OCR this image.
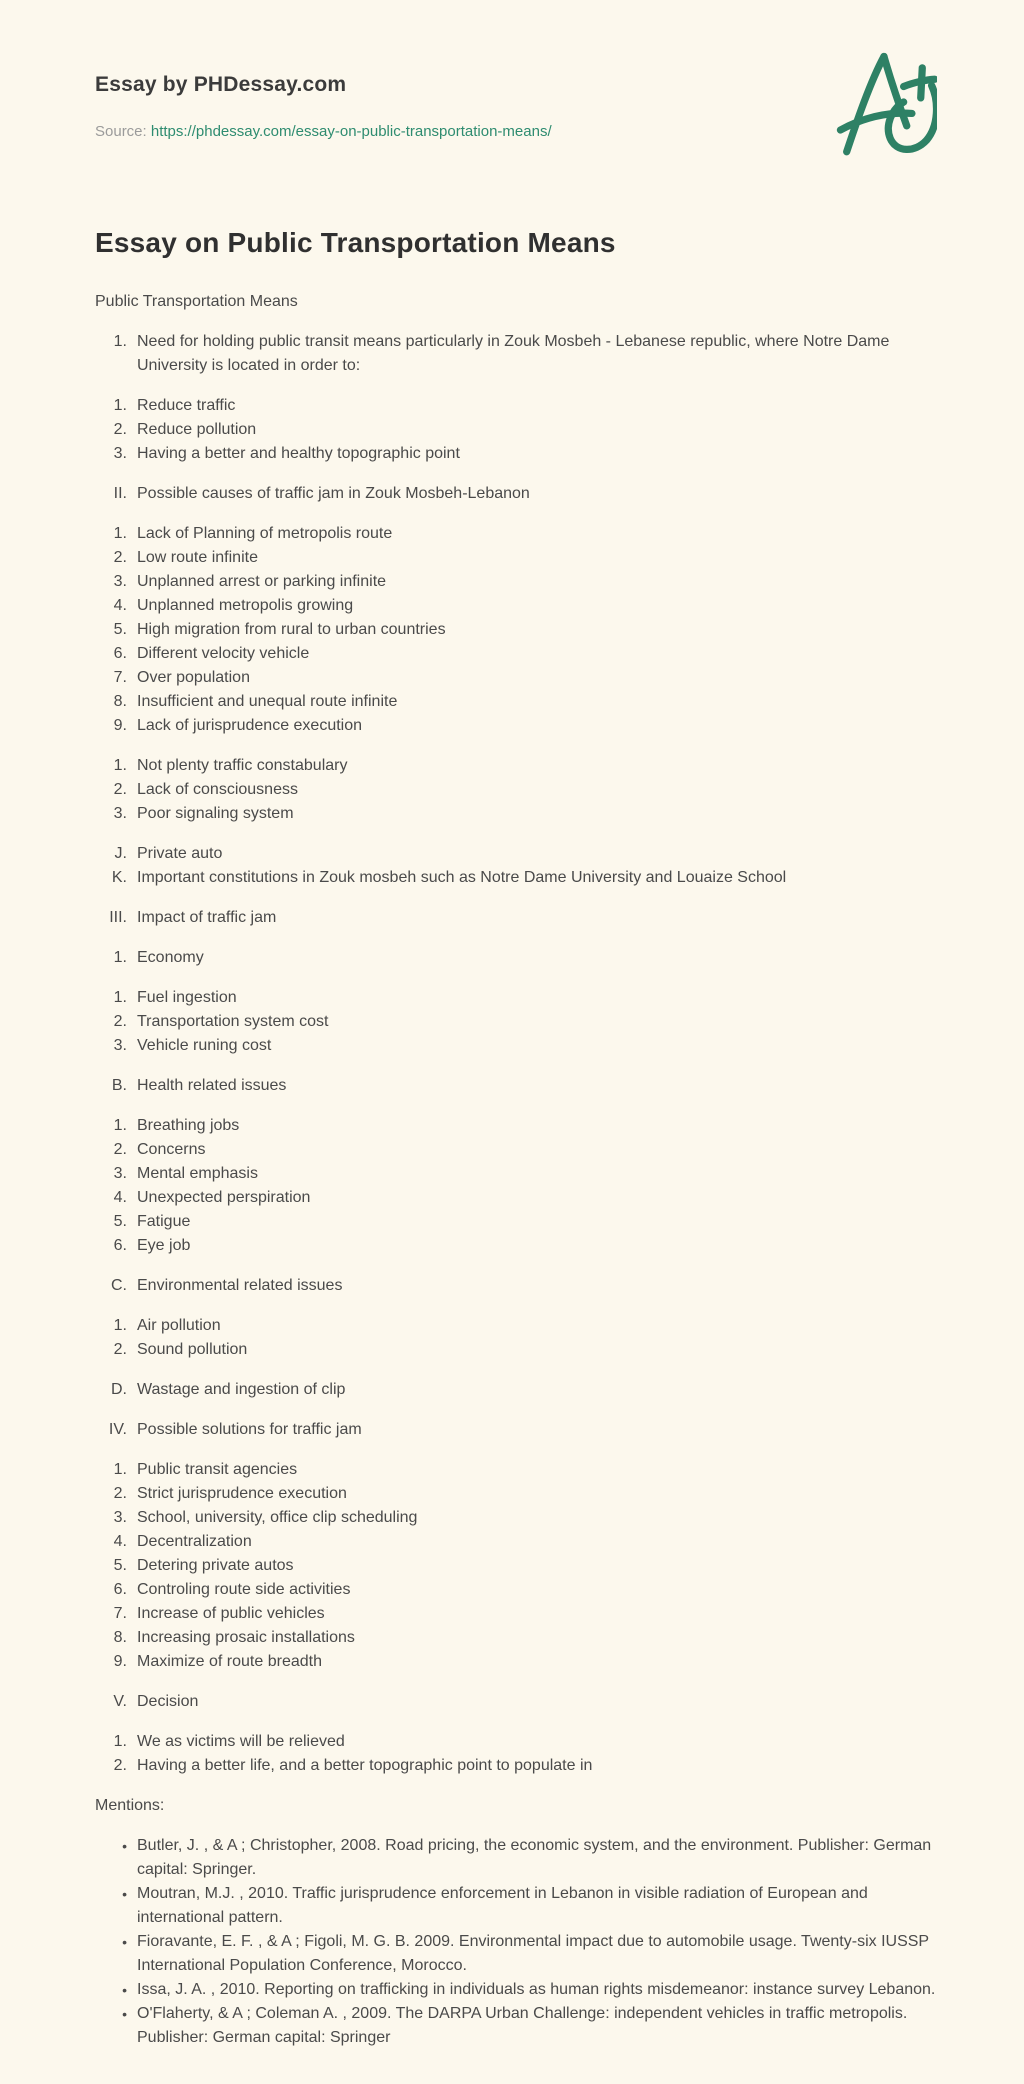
Essay by PHDessay.com

Source: https://phdessay.com/essay-on-public-transportation-means/

Essay on Public Transportation Means

Public Transportation Means

1. Need for holding public transit means particularly in Zouk Mosbeh - Lebanese republic, where Notre Dame University is located in order to:
1. Reduce traffic
2. Reduce pollution
3. Having a better and healthy topographic point
II. Possible causes of traffic jam in Zouk Mosbeh-Lebanon
1. Lack of Planning of metropolis route
2. Low route infinite
3. Unplanned arrest or parking infinite
4. Unplanned metropolis growing
5. High migration from rural to urban countries
6. Different velocity vehicle
7. Over population
8. Insufficient and unequal route infinite
9. Lack of jurisprudence execution
1. Not plenty traffic constabulary
2. Lack of consciousness
3. Poor signaling system
J. Private auto
K. Important constitutions in Zouk mosbeh such as Notre Dame University and Louaize School
III. Impact of traffic jam
1. Economy
1. Fuel ingestion
2. Transportation system cost
3. Vehicle runing cost
B. Health related issues
1. Breathing jobs
2. Concerns
3. Mental emphasis
4. Unexpected perspiration
5. Fatigue
6. Eye job
C. Environmental related issues
1. Air pollution
2. Sound pollution
D. Wastage and ingestion of clip
IV. Possible solutions for traffic jam
1. Public transit agencies
2. Strict jurisprudence execution
3. School, university, office clip scheduling
4. Decentralization
5. Detering private autos
6. Controling route side activities
7. Increase of public vehicles
8. Increasing prosaic installations
9. Maximize of route breadth
V. Decision
1. We as victims will be relieved
2. Having a better life, and a better topographic point to populate in

Mentions:

• Butler, J. , & A ; Christopher, 2008. Road pricing, the economic system, and the environment. Publisher: German capital: Springer.
• Moutran, M.J. , 2010. Traffic jurisprudence enforcement in Lebanon in visible radiation of European and international pattern.
• Fioravante, E. F. , & A ; Figoli, M. G. B. 2009. Environmental impact due to automobile usage. Twenty-six IUSSP International Population Conference, Morocco.
• Issa, J. A. , 2010. Reporting on trafficking in individuals as human rights misdemeanor: instance survey Lebanon.
• O'Flaherty, & A ; Coleman A. , 2009. The DARPA Urban Challenge: independent vehicles in traffic metropolis. Publisher: German capital: Springer
